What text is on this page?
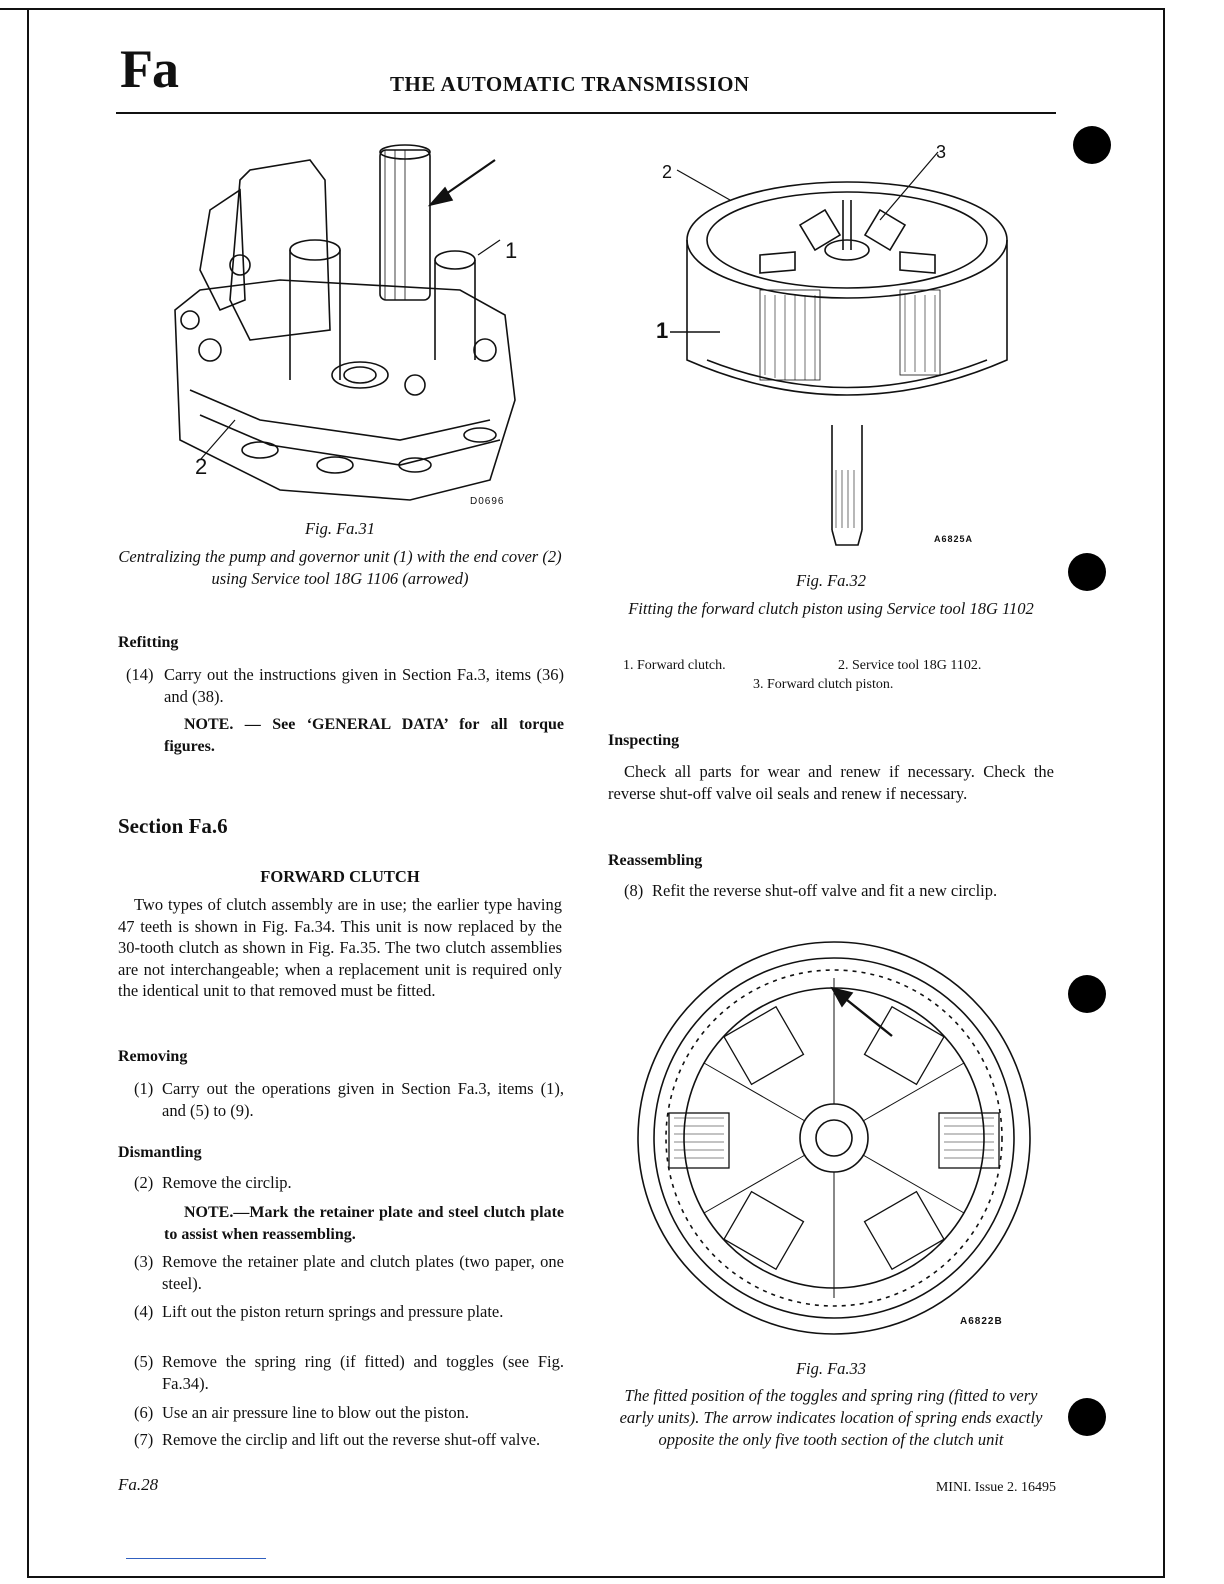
Fa	THE AUTOMATIC TRANSMISSION
1
2
D0696
Fig. Fa.31
Centralizing the pump and governor unit (1) with the end cover (2) using Service tool 18G 1106 (arrowed)
Refitting
(14) Carry out the instructions given in Section Fa.3, items (36) and (38).
NOTE. — See ‘GENERAL DATA’ for all torque figures.
Section Fa.6
FORWARD CLUTCH
Two types of clutch assembly are in use; the earlier type having 47 teeth is shown in Fig. Fa.34. This unit is now replaced by the 30-tooth clutch as shown in Fig. Fa.35. The two clutch assemblies are not interchangeable; when a replacement unit is required only the identical unit to that removed must be fitted.
Removing
(1) Carry out the operations given in Section Fa.3, items (1), and (5) to (9).
Dismantling
(2) Remove the circlip.
NOTE.—Mark the retainer plate and steel clutch plate to assist when reassembling.
(3) Remove the retainer plate and clutch plates (two paper, one steel).
(4) Lift out the piston return springs and pressure plate.
(5) Remove the spring ring (if fitted) and toggles (see Fig. Fa.34).
(6) Use an air pressure line to blow out the piston.
(7) Remove the circlip and lift out the reverse shut-off valve.
2
3
1
A6825A
Fig. Fa.32
Fitting the forward clutch piston using Service tool 18G 1102
1. Forward clutch.	2. Service tool 18G 1102.
3. Forward clutch piston.
Inspecting
Check all parts for wear and renew if necessary. Check the reverse shut-off valve oil seals and renew if necessary.
Reassembling
(8) Refit the reverse shut-off valve and fit a new circlip.
A6822B
Fig. Fa.33
The fitted position of the toggles and spring ring (fitted to very early units). The arrow indicates location of spring ends exactly opposite the only five tooth section of the clutch unit
Fa.28	MINI. Issue 2. 16495
